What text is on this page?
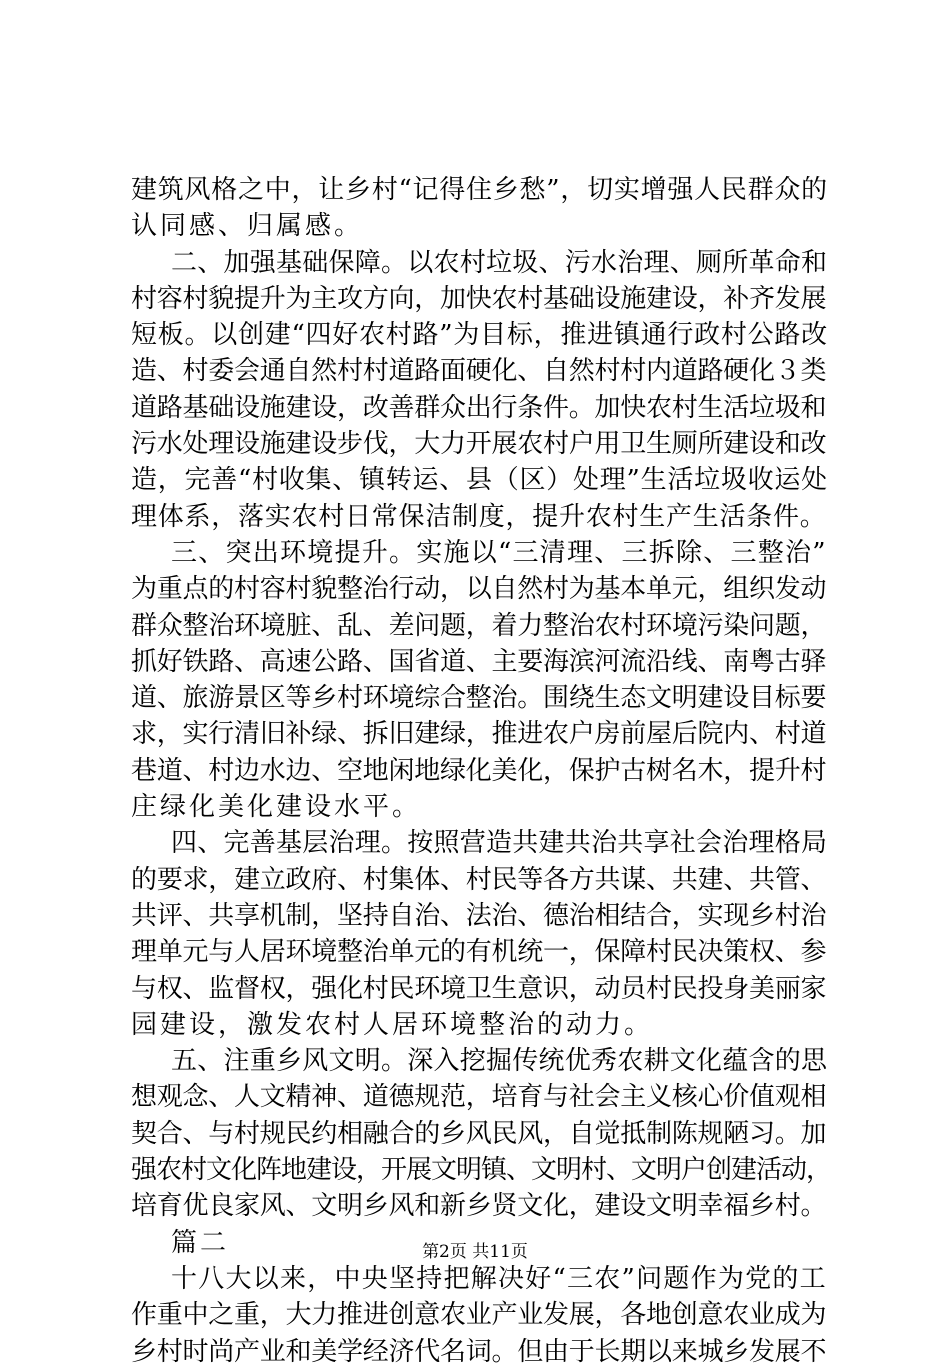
建筑风格之中，让乡村“记得住乡愁”，切实增强人民群众的
认同感、归属感。
二、加强基础保障。以农村垃圾、污水治理、厕所革命和
村容村貌提升为主攻方向，加快农村基础设施建设，补齐发展
短板。以创建“四好农村路”为目标，推进镇通行政村公路改
造、村委会通自然村村道路面硬化、自然村村内道路硬化３类
道路基础设施建设，改善群众出行条件。加快农村生活垃圾和
污水处理设施建设步伐，大力开展农村户用卫生厕所建设和改
造，完善“村收集、镇转运、县（区）处理”生活垃圾收运处
理体系，落实农村日常保洁制度，提升农村生产生活条件。
三、突出环境提升。实施以“三清理、三拆除、三整治”
为重点的村容村貌整治行动，以自然村为基本单元，组织发动
群众整治环境脏、乱、差问题，着力整治农村环境污染问题，
抓好铁路、高速公路、国省道、主要海滨河流沿线、南粤古驿
道、旅游景区等乡村环境综合整治。围绕生态文明建设目标要
求，实行清旧补绿、拆旧建绿，推进农户房前屋后院内、村道
巷道、村边水边、空地闲地绿化美化，保护古树名木，提升村
庄绿化美化建设水平。
四、完善基层治理。按照营造共建共治共享社会治理格局
的要求，建立政府、村集体、村民等各方共谋、共建、共管、
共评、共享机制，坚持自治、法治、德治相结合，实现乡村治
理单元与人居环境整治单元的有机统一，保障村民决策权、参
与权、监督权，强化村民环境卫生意识，动员村民投身美丽家
园建设，激发农村人居环境整治的动力。
五、注重乡风文明。深入挖掘传统优秀农耕文化蕴含的思
想观念、人文精神、道德规范，培育与社会主义核心价值观相
契合、与村规民约相融合的乡风民风，自觉抵制陈规陋习。加
强农村文化阵地建设，开展文明镇、文明村、文明户创建活动，
培育优良家风、文明乡风和新乡贤文化，建设文明幸福乡村。
篇二
十八大以来，中央坚持把解决好“三农”问题作为党的工
作重中之重，大力推进创意农业产业发展，各地创意农业成为
乡村时尚产业和美学经济代名词。但由于长期以来城乡发展不
第2页 共11页
